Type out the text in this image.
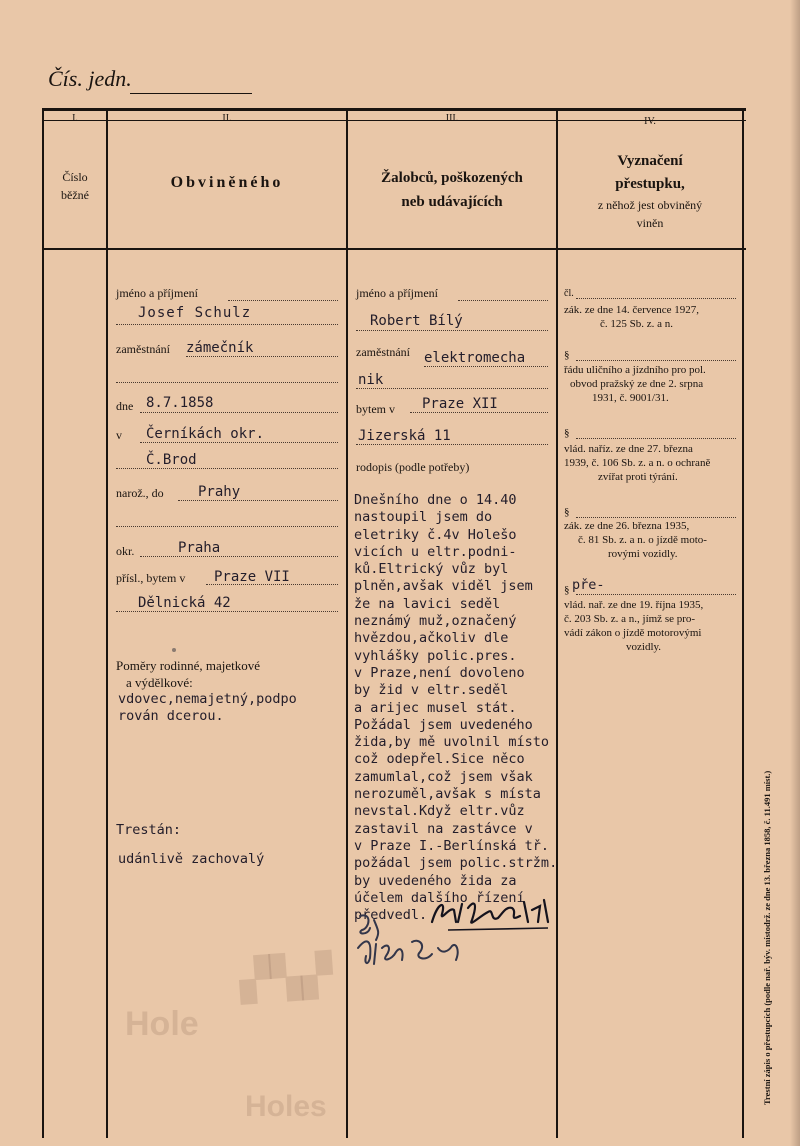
▞▚▞
Hole
Holes
Čís. jedn.
I.	II.	III.	IV.
Číslo
běžné
Obviněného	Žalobců, poškozených
neb udávajících
Vyznačení
přestupku,
z něhož jest obviněný
viněn
jméno a příjmení
Josef Schulz
zaměstnání zámečník
dne 8.7.1858
v Černíkách okr.
Č.Brod
narož., do Prahy
okr.	Praha
přísl., bytem v Praze VII
Dělnická 42
Poměry rodinné, majetkové
a výdělkové:
vdovec,nemajetný,podpo
rován dcerou.
Trestán:
udánlivě zachovalý
jméno a příjmení
Robert Bílý
zaměstnání elektromecha
nik
bytem v Praze XII
Jizerská 11
rodopis (podle potřeby)
Dnešního dne o 14.40
nastoupil jsem do
eletriky č.4v Holešo
vicích u eltr.podni-
ků.Eltrický vůz byl
plněn,avšak viděl jsem
že na lavici seděl
neznámý muž,označený
hvězdou,ačkoliv dle
vyhlášky polic.pres.
v Praze,není dovoleno
by žid v eltr.seděl
a arijec musel stát.
Požádal jsem uvedeného
žida,by mě uvolnil místo
což odepřel.Sice něco
zamumlal,což jsem však
nerozuměl,avšak s místa
nevstal.Když eltr.vůz
zastavil na zastávce v
v Praze I.-Berlínská tř.
požádal jsem polic.stržm.
by uvedeného žida za
účelem dalšího řízení
předvedl.
pře-
čl.
zák. ze dne 14. července 1927,
č. 125 Sb. z. a n.
§
řádu uličního a jízdního pro pol.
obvod pražský ze dne 2. srpna
1931, č. 9001/31.
§
vlád. naříz. ze dne 27. března
1939, č. 106 Sb. z. a n. o ochraně
zvířat proti týrání.
§
zák. ze dne 26. března 1935,
č. 81 Sb. z. a n. o jízdě moto-
rovými vozidly.
§
vlád. nař. ze dne 19. října 1935,
č. 203 Sb. z. a n., jímž se pro-
vádí zákon o jízdě motorovými
vozidly.
Trestní zápis o přestupcích (podle nař. býv. místodrž. ze dne 13. března 1858, č. 11.491 míst.)
